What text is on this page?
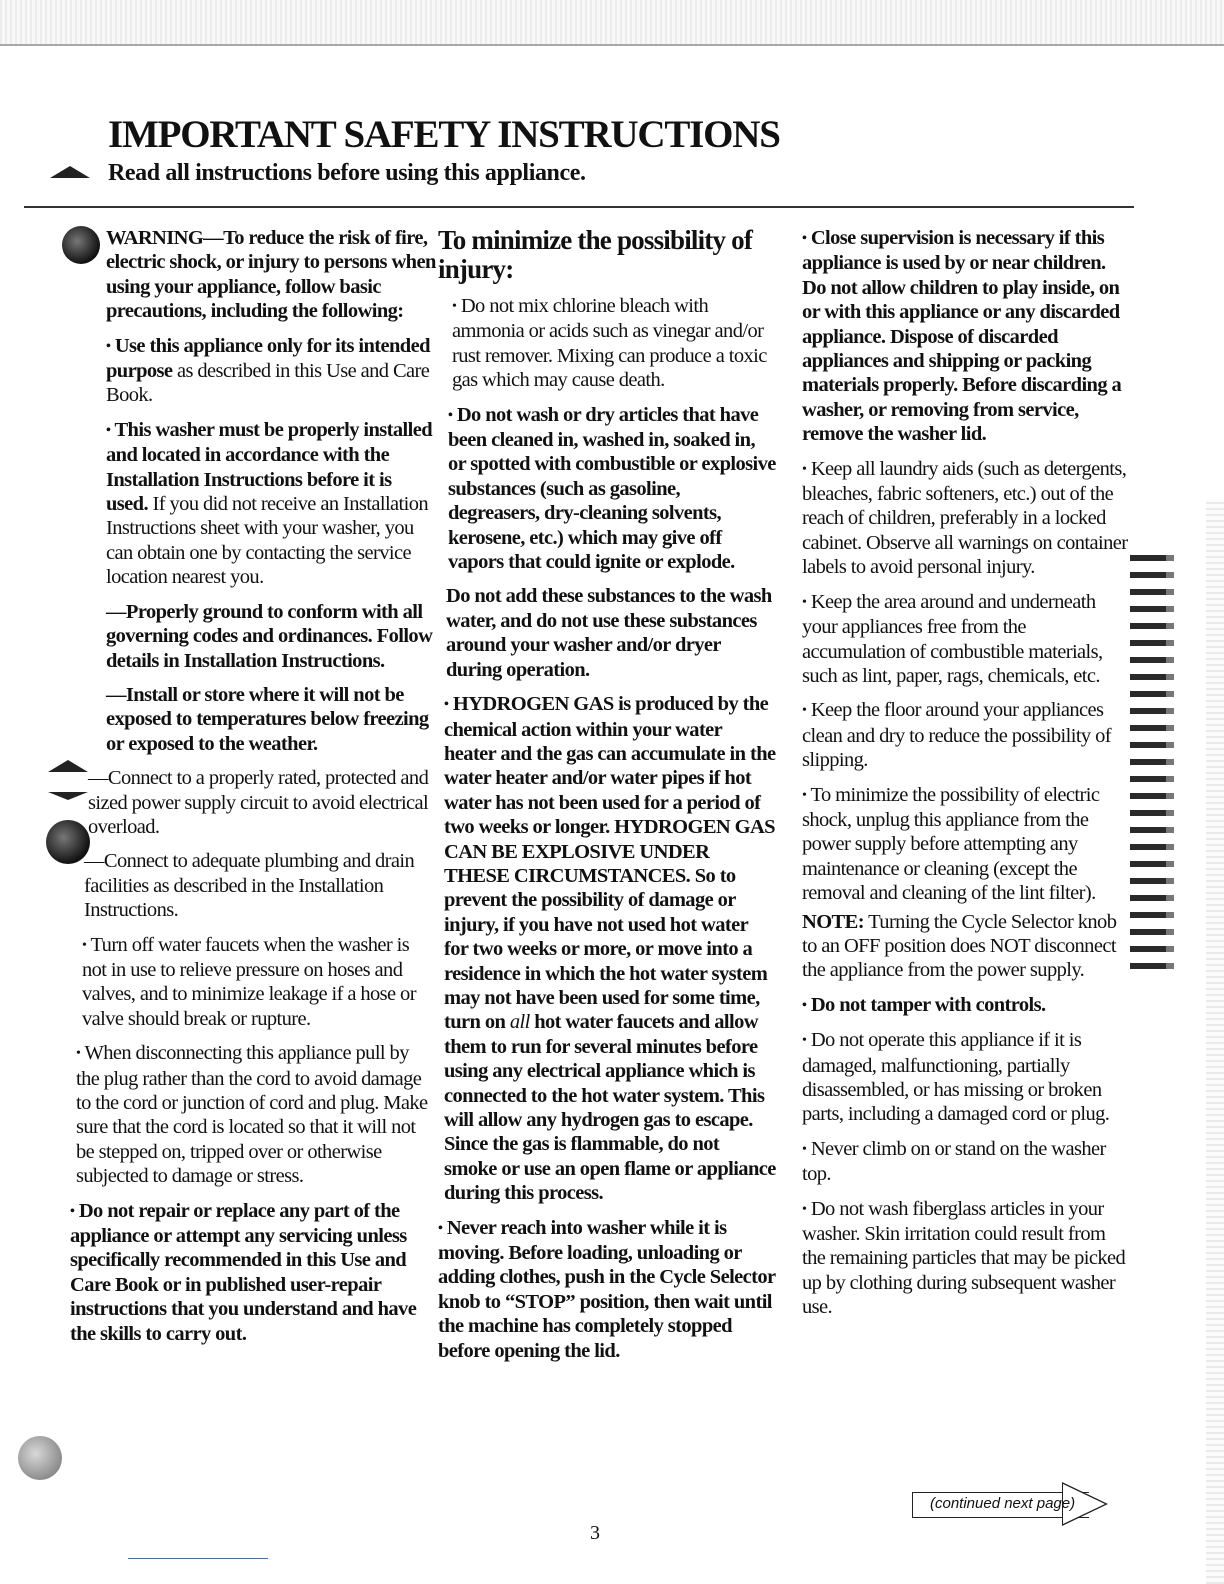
IMPORTANT SAFETY INSTRUCTIONS

Read all instructions before using this appliance.

WARNING—To reduce the risk of fire, electric shock, or injury to persons when using your appliance, follow basic precautions, including the following:

• Use this appliance only for its intended purpose as described in this Use and Care Book.

• This washer must be properly installed and located in accordance with the Installation Instructions before it is used. If you did not receive an Installation Instructions sheet with your washer, you can obtain one by contacting the service location nearest you.

—Properly ground to conform with all governing codes and ordinances. Follow details in Installation Instructions.

—Install or store where it will not be exposed to temperatures below freezing or exposed to the weather.

—Connect to a properly rated, protected and sized power supply circuit to avoid electrical overload.

—Connect to adequate plumbing and drain facilities as described in the Installation Instructions.

• Turn off water faucets when the washer is not in use to relieve pressure on hoses and valves, and to minimize leakage if a hose or valve should break or rupture.

• When disconnecting this appliance pull by the plug rather than the cord to avoid damage to the cord or junction of cord and plug. Make sure that the cord is located so that it will not be stepped on, tripped over or otherwise subjected to damage or stress.

• Do not repair or replace any part of the appliance or attempt any servicing unless specifically recommended in this Use and Care Book or in published user-repair instructions that you understand and have the skills to carry out.

To minimize the possibility of injury:

• Do not mix chlorine bleach with ammonia or acids such as vinegar and/or rust remover. Mixing can produce a toxic gas which may cause death.

• Do not wash or dry articles that have been cleaned in, washed in, soaked in, or spotted with combustible or explosive substances (such as gasoline, degreasers, dry-cleaning solvents, kerosene, etc.) which may give off vapors that could ignite or explode.

Do not add these substances to the wash water, and do not use these substances around your washer and/or dryer during operation.

• HYDROGEN GAS is produced by the chemical action within your water heater and the gas can accumulate in the water heater and/or water pipes if hot water has not been used for a period of two weeks or longer. HYDROGEN GAS CAN BE EXPLOSIVE UNDER THESE CIRCUMSTANCES. So to prevent the possibility of damage or injury, if you have not used hot water for two weeks or more, or move into a residence in which the hot water system may not have been used for some time, turn on all hot water faucets and allow them to run for several minutes before using any electrical appliance which is connected to the hot water system. This will allow any hydrogen gas to escape. Since the gas is flammable, do not smoke or use an open flame or appliance during this process.

• Never reach into washer while it is moving. Before loading, unloading or adding clothes, push in the Cycle Selector knob to “STOP” position, then wait until the machine has completely stopped before opening the lid.

• Close supervision is necessary if this appliance is used by or near children. Do not allow children to play inside, on or with this appliance or any discarded appliance. Dispose of discarded appliances and shipping or packing materials properly. Before discarding a washer, or removing from service, remove the washer lid.

• Keep all laundry aids (such as detergents, bleaches, fabric softeners, etc.) out of the reach of children, preferably in a locked cabinet. Observe all warnings on container labels to avoid personal injury.

• Keep the area around and underneath your appliances free from the accumulation of combustible materials, such as lint, paper, rags, chemicals, etc.

• Keep the floor around your appliances clean and dry to reduce the possibility of slipping.

• To minimize the possibility of electric shock, unplug this appliance from the power supply before attempting any maintenance or cleaning (except the removal and cleaning of the lint filter).

NOTE: Turning the Cycle Selector knob to an OFF position does NOT disconnect the appliance from the power supply.

• Do not tamper with controls.

• Do not operate this appliance if it is damaged, malfunctioning, partially disassembled, or has missing or broken parts, including a damaged cord or plug.

• Never climb on or stand on the washer top.

• Do not wash fiberglass articles in your washer. Skin irritation could result from the remaining particles that may be picked up by clothing during subsequent washer use.

(continued next page)
3
